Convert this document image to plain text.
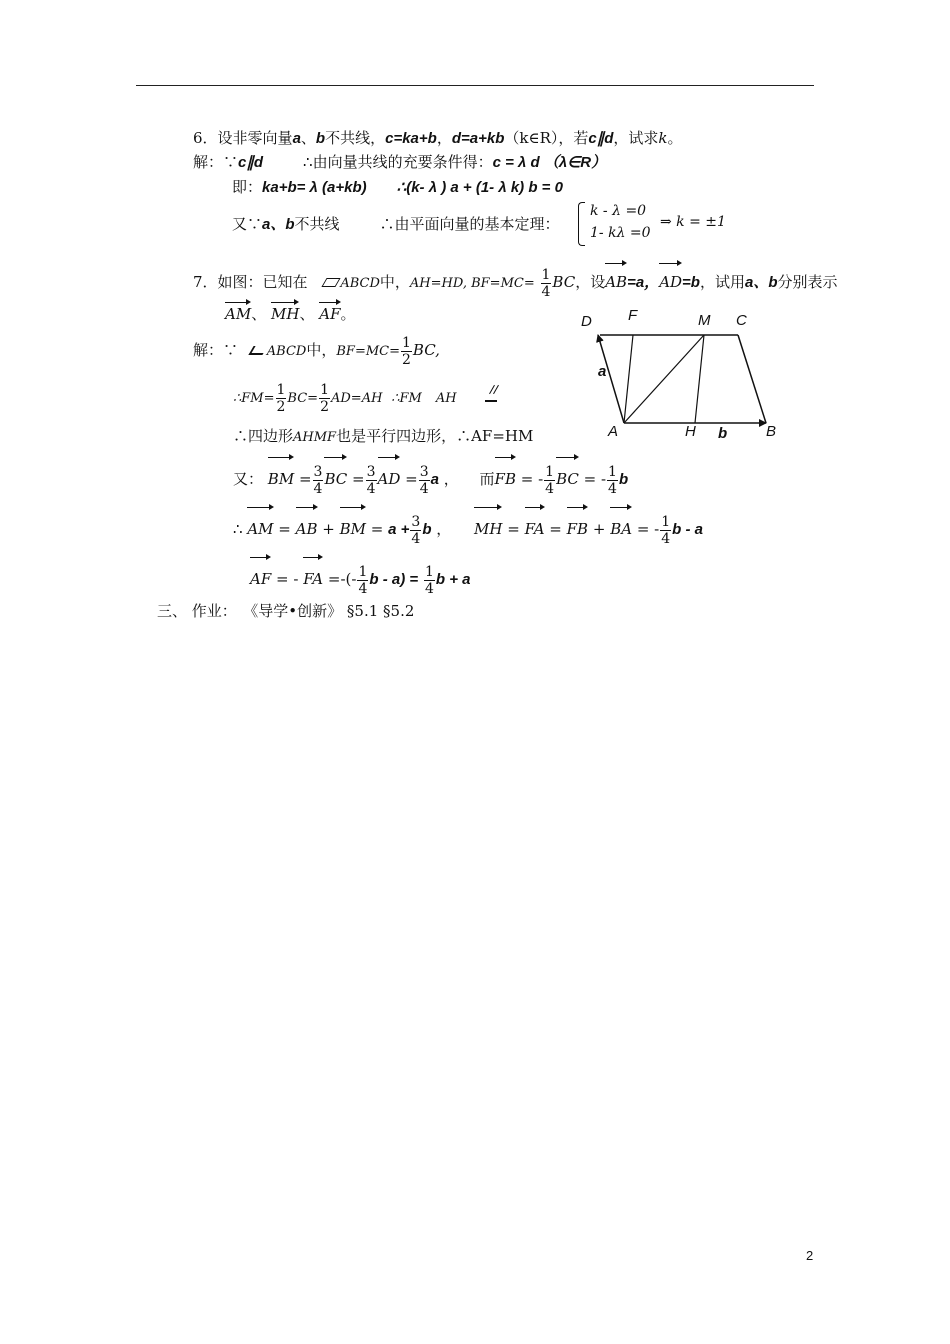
6．设非零向量a、b不共线，c=ka+b，d=a+kb（k∈R），若c∥d，试求k。
解：∵c∥d	∴由向量共线的充要条件得：c = λ d （λ∈R）
即：ka+b= λ (a+kb) ∴(k- λ ) a + (1- λ k) b = 0
又∵a、b不共线	∴由平面向量的基本定理：
k - λ =0
1- kλ =0
⇒ k = ±1
7．如图：已知在	ABCD中，AH=HD, $BF=MC= \frac{1}{4}$ BC，设AB=a，AD=b，试用a、b分别表示
AM、 MH、 AF。
解：∵ ABCD中，$BF=MC= \frac{1}{2}$ BC,
∴FM= $\frac{1}{2} BC= \frac{1}{2} AD=AH$ ∴FM AH
∴四边形AHMF也是平行四边形，∴AF=HM
又： BM = $\frac{3}{4}$ BC = $\frac{3}{4}$ AD = $\frac{3}{4}$ a ， 而FB = - $\frac{1}{4}$ BC = - $\frac{1}{4}$ b
∴ AM = AB + BM = $a + \frac{3}{4}$ b ， MH = FA = FB + BA = - $\frac{1}{4}$ b - a
AF = - FA =-(- $\frac{1}{4}$ $b - a) = \frac{1}{4}$ b + a
三、 作业： 《导学•创新》 §5.1 §5.2
D F	M C
a
A	H b	B
2
